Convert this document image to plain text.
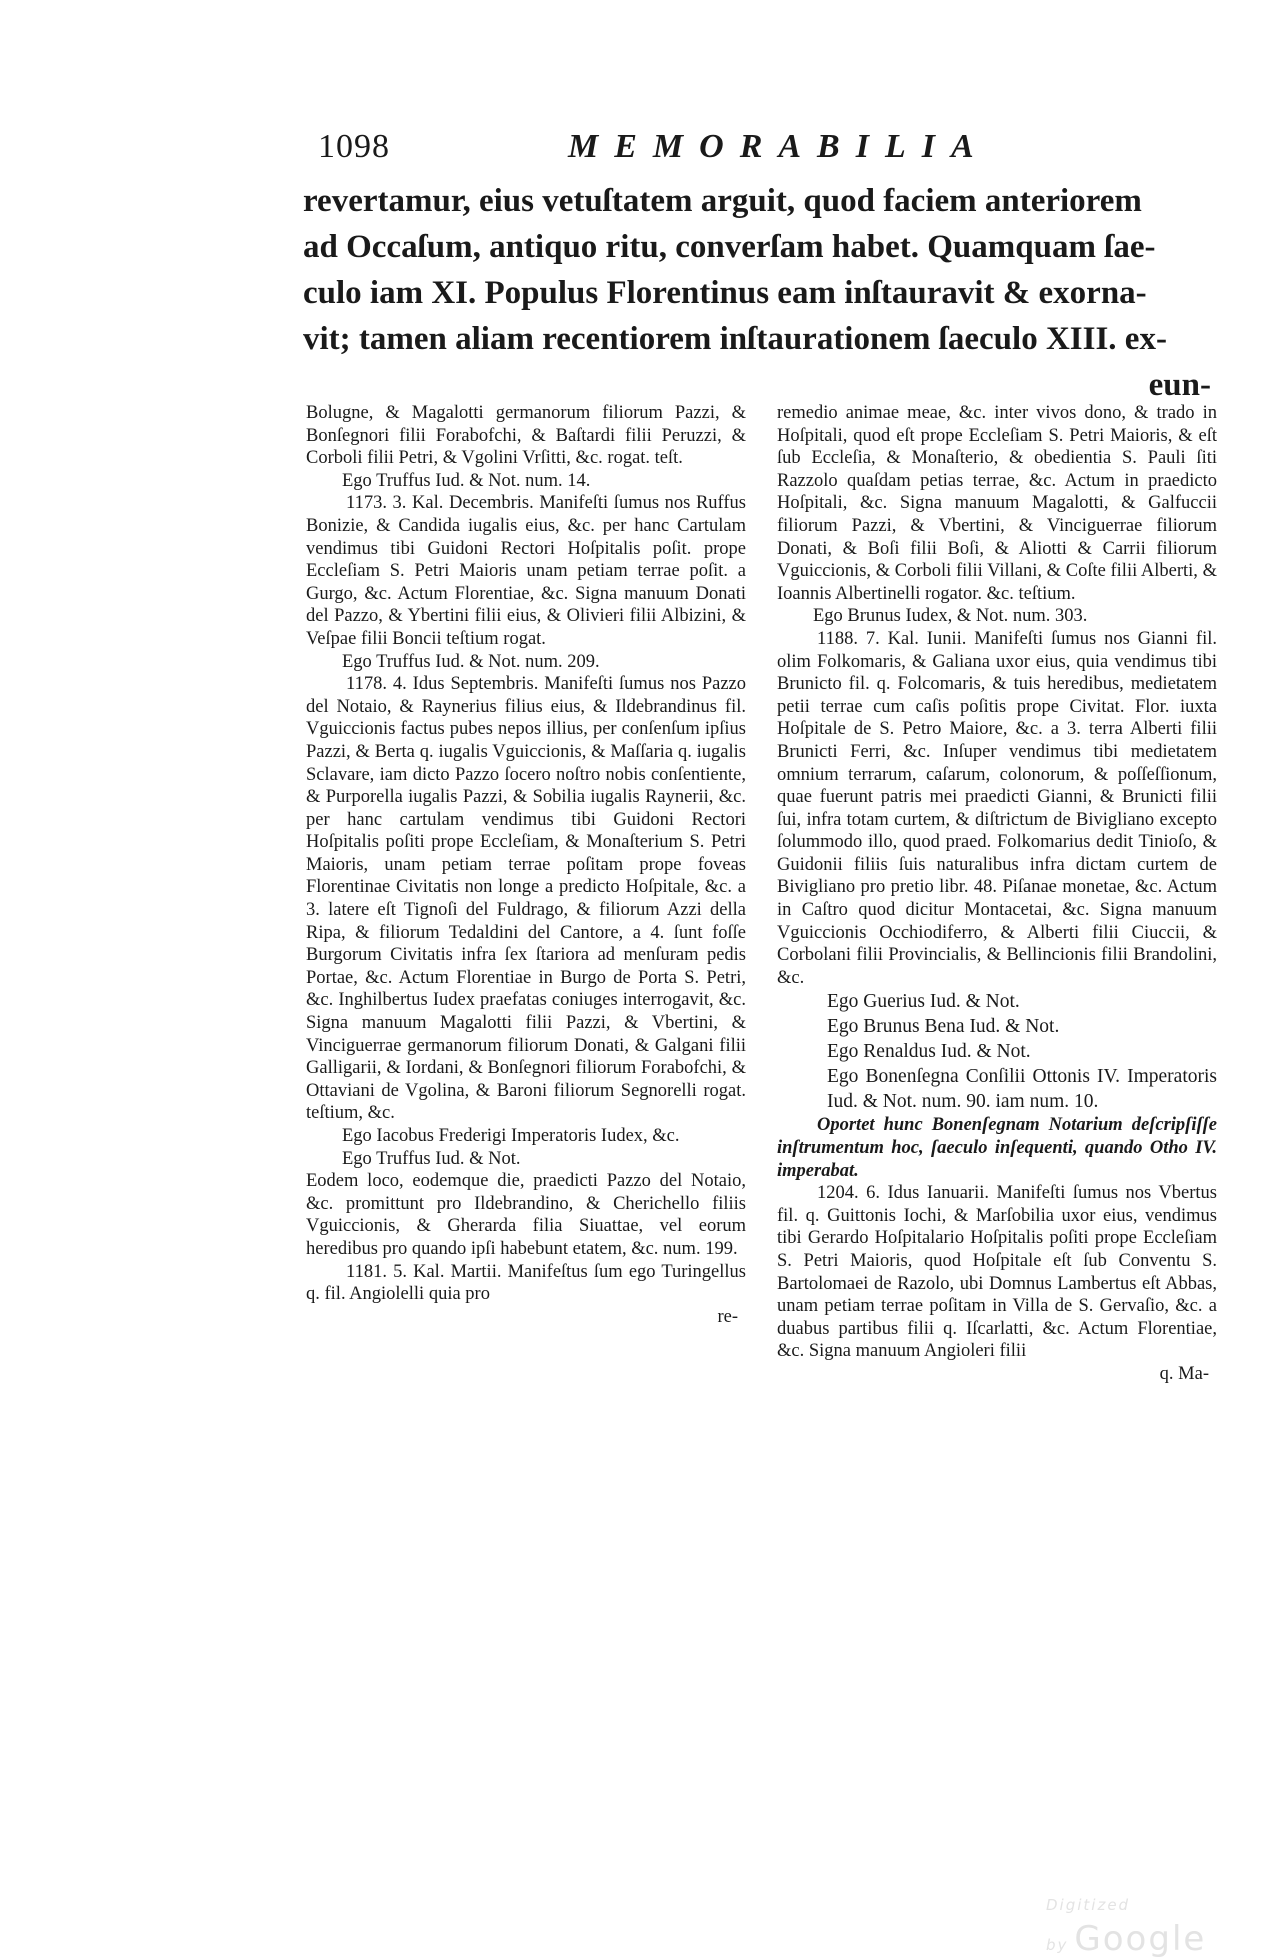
1098	MEMORABILIA
revertamur, eius vetuſtatem arguit, quod faciem anteriorem
ad Occaſum, antiquo ritu, converſam habet. Quamquam ſae-
culo iam XI. Populus Florentinus eam inſtauravit & exorna-
vit; tamen aliam recentiorem inſtaurationem ſaeculo XIII. ex-
eun-

Bolugne, & Magalotti germanorum filiorum Pazzi, & Bonſegnori filii Forabofchi, & Baſtardi filii Peruzzi, & Corboli filii Petri, & Vgolini Vrſitti, &c. rogat. teſt.

Ego Truffus Iud. & Not. num. 14.

1173. 3. Kal. Decembris. Manifeſti ſumus nos Ruffus Bonizie, & Candida iugalis eius, &c. per hanc Cartulam vendimus tibi Guidoni Rectori Hoſpitalis poſit. prope Eccleſiam S. Petri Maioris unam petiam terrae poſit. a Gurgo, &c. Actum Florentiae, &c. Signa manuum Donati del Pazzo, & Ybertini filii eius, & Olivieri filii Albizini, & Veſpae filii Boncii teſtium rogat.

Ego Truffus Iud. & Not. num. 209.

1178. 4. Idus Septembris. Manifeſti ſumus nos Pazzo del Notaio, & Raynerius filius eius, & Ildebrandinus fil. Vguiccionis factus pubes nepos illius, per conſenſum ipſius Pazzi, & Berta q. iugalis Vguiccionis, & Maſſaria q. iugalis Sclavare, iam dicto Pazzo ſocero noſtro nobis conſentiente, & Purporella iugalis Pazzi, & Sobilia iugalis Raynerii, &c. per hanc cartulam vendimus tibi Guidoni Rectori Hoſpitalis poſiti prope Eccleſiam, & Monaſterium S. Petri Maioris, unam petiam terrae poſitam prope foveas Florentinae Civitatis non longe a predicto Hoſpitale, &c. a 3. latere eſt Tignoſi del Fuldrago, & filiorum Azzi della Ripa, & filiorum Tedaldini del Cantore, a 4. ſunt foſſe Burgorum Civitatis infra ſex ſtariora ad menſuram pedis Portae, &c. Actum Florentiae in Burgo de Porta S. Petri, &c. Inghilbertus Iudex praefatas coniuges interrogavit, &c. Signa manuum Magalotti filii Pazzi, & Vbertini, & Vinciguerrae germanorum filiorum Donati, & Galgani filii Galligarii, & Iordani, & Bonſegnori filiorum Forabofchi, & Ottaviani de Vgolina, & Baroni filiorum Segnorelli rogat. teſtium, &c.

Ego Iacobus Frederigi Imperatoris Iudex, &c.

Ego Truffus Iud. & Not.

Eodem loco, eodemque die, praedicti Pazzo del Notaio, &c. promittunt pro Ildebrandino, & Cherichello filiis Vguiccionis, & Gherarda filia Siuattae, vel eorum heredibus pro quando ipſi habebunt etatem, &c. num. 199.

1181. 5. Kal. Martii. Manifeſtus ſum ego Turingellus q. fil. Angiolelli quia pro

re-

remedio animae meae, &c. inter vivos dono, & trado in Hoſpitali, quod eſt prope Eccleſiam S. Petri Maioris, & eſt ſub Eccleſia, & Monaſterio, & obedientia S. Pauli ſiti Razzolo quaſdam petias terrae, &c. Actum in praedicto Hoſpitali, &c. Signa manuum Magalotti, & Galfuccii filiorum Pazzi, & Vbertini, & Vinciguerrae filiorum Donati, & Boſi filii Boſi, & Aliotti & Carrii filiorum Vguiccionis, & Corboli filii Villani, & Coſte filii Alberti, & Ioannis Albertinelli rogator. &c. teſtium.

Ego Brunus Iudex, & Not. num. 303.

1188. 7. Kal. Iunii. Manifeſti ſumus nos Gianni fil. olim Folkomaris, & Galiana uxor eius, quia vendimus tibi Brunicto fil. q. Folcomaris, & tuis heredibus, medietatem petii terrae cum caſis poſitis prope Civitat. Flor. iuxta Hoſpitale de S. Petro Maiore, &c. a 3. terra Alberti filii Brunicti Ferri, &c. Inſuper vendimus tibi medietatem omnium terrarum, caſarum, colonorum, & poſſeſſionum, quae fuerunt patris mei praedicti Gianni, & Brunicti filii ſui, infra totam curtem, & diſtrictum de Bivigliano excepto ſolummodo illo, quod praed. Folkomarius dedit Tinioſo, & Guidonii filiis ſuis naturalibus infra dictam curtem de Bivigliano pro pretio libr. 48. Piſanae monetae, &c. Actum in Caſtro quod dicitur Montacetai, &c. Signa manuum Vguiccionis Occhiodiferro, & Alberti filii Ciuccii, & Corbolani filii Provincialis, & Bellincionis filii Brandolini, &c.

Ego Guerius Iud. & Not.

Ego Brunus Bena Iud. & Not.

Ego Renaldus Iud. & Not.

Ego Bonenſegna Conſilii Ottonis IV. Imperatoris Iud. & Not. num. 90. iam num. 10.

Oportet hunc Bonenſegnam Notarium deſcripſiſſe inſtrumentum hoc, ſaeculo inſequenti, quando Otho IV. imperabat.

1204. 6. Idus Ianuarii. Manifeſti ſumus nos Vbertus fil. q. Guittonis Iochi, & Marſobilia uxor eius, vendimus tibi Gerardo Hoſpitalario Hoſpitalis poſiti prope Eccleſiam S. Petri Maioris, quod Hoſpitale eſt ſub Conventu S. Bartolomaei de Razolo, ubi Domnus Lambertus eſt Abbas, unam petiam terrae poſitam in Villa de S. Gervaſio, &c. a duabus partibus filii q. Iſcarlatti, &c. Actum Florentiae, &c. Signa manuum Angioleri filii

q. Ma-

Digitized by Google
